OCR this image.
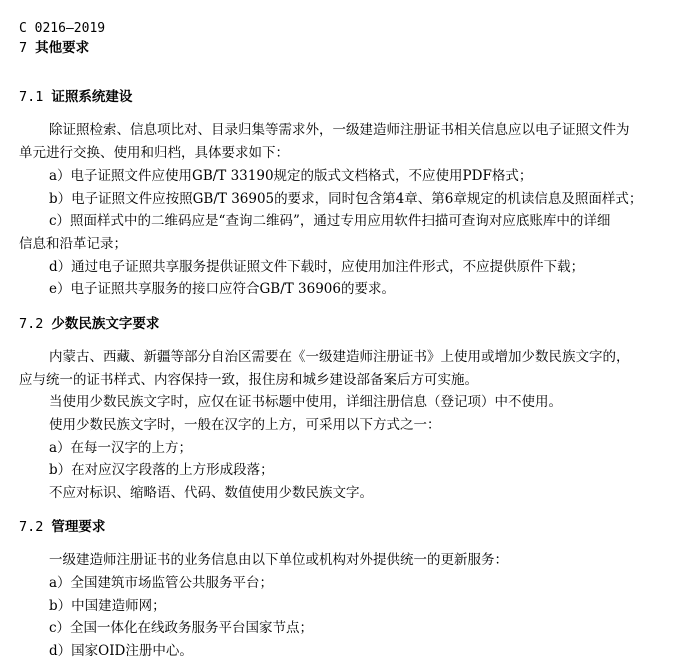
C 0216—2019
7 其他要求
7.1 证照系统建设
除证照检索、信息项比对、目录归集等需求外，一级建造师注册证书相关信息应以电子证照文件为
单元进行交换、使用和归档，具体要求如下：
a）电子证照文件应使用GB/T 33190规定的版式文档格式，不应使用PDF格式；
b）电子证照文件应按照GB/T 36905的要求，同时包含第4章、第6章规定的机读信息及照面样式；
c）照面样式中的二维码应是“查询二维码”，通过专用应用软件扫描可查询对应底账库中的详细
信息和沿革记录；
d）通过电子证照共享服务提供证照文件下载时，应使用加注件形式，不应提供原件下载；
e）电子证照共享服务的接口应符合GB/T 36906的要求。
7.2 少数民族文字要求
内蒙古、西藏、新疆等部分自治区需要在《一级建造师注册证书》上使用或增加少数民族文字的，
应与统一的证书样式、内容保持一致，报住房和城乡建设部备案后方可实施。
当使用少数民族文字时，应仅在证书标题中使用，详细注册信息（登记项）中不使用。
使用少数民族文字时，一般在汉字的上方，可采用以下方式之一：
a）在每一汉字的上方；
b）在对应汉字段落的上方形成段落；
不应对标识、缩略语、代码、数值使用少数民族文字。
7.2 管理要求
一级建造师注册证书的业务信息由以下单位或机构对外提供统一的更新服务：
a）全国建筑市场监管公共服务平台；
b）中国建造师网；
c）全国一体化在线政务服务平台国家节点；
d）国家OID注册中心。
